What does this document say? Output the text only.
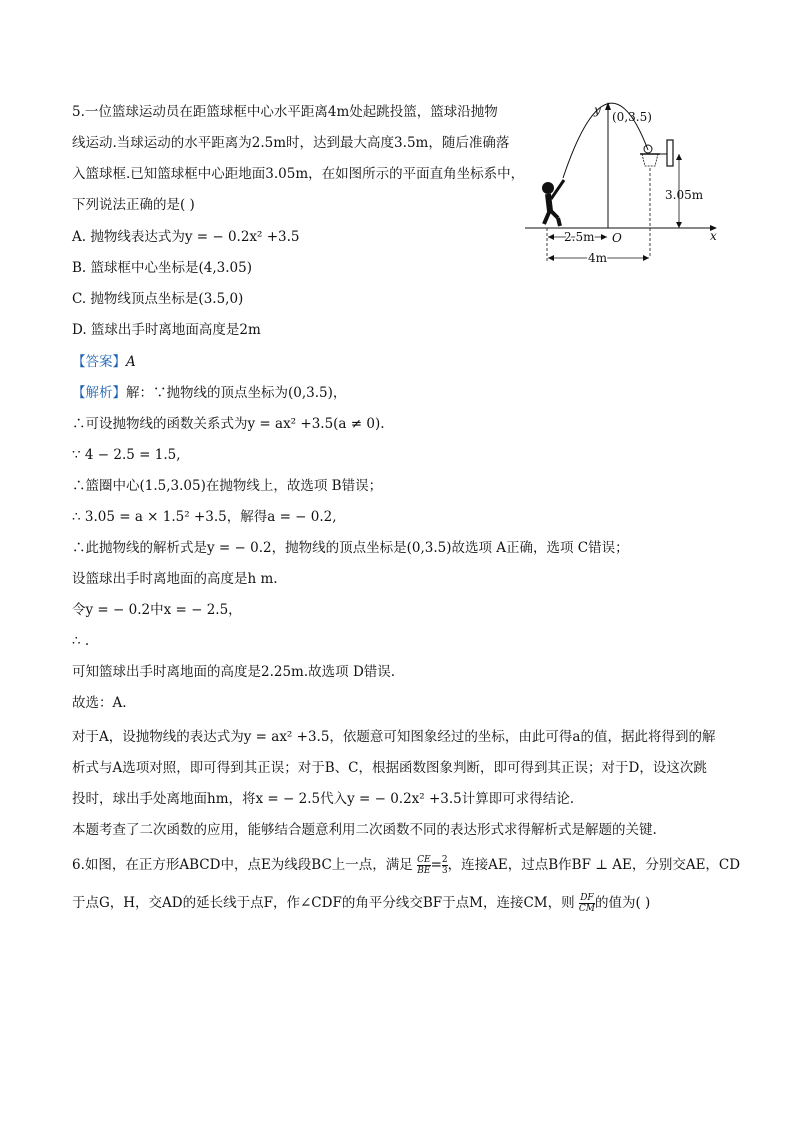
5.一位篮球运动员在距篮球框中心水平距离4m处起跳投篮，篮球沿抛物
线运动.当球运动的水平距离为2.5m时，达到最大高度3.5m，随后准确落
入篮球框.已知篮球框中心距地面3.05m，在如图所示的平面直角坐标系中，
下列说法正确的是( )
A. 抛物线表达式为y = − 0.2x² +3.5
B. 篮球框中心坐标是(4,3.05)
C. 抛物线顶点坐标是(3.5,0)
D. 篮球出手时离地面高度是2m
【答案】A
【解析】解：∵抛物线的顶点坐标为(0,3.5)，
∴可设抛物线的函数关系式为y = ax² +3.5(a ≠ 0).
∵ 4 − 2.5 = 1.5,
∴篮圈中心(1.5,3.05)在抛物线上，故选项 B错误；
∴ 3.05 = a × 1.5² +3.5，解得a = − 0.2,
∴此抛物线的解析式是y = − 0.2，抛物线的顶点坐标是(0,3.5)故选项 A正确，选项 C错误；
设篮球出手时离地面的高度是h m.
令y = − 0.2中x = − 2.5，
∴ .
可知篮球出手时离地面的高度是2.25m.故选项 D错误.
故选：A.
对于A，设抛物线的表达式为y = ax² +3.5，依题意可知图象经过的坐标，由此可得a的值，据此将得到的解
析式与A选项对照，即可得到其正误；对于B、C，根据函数图象判断，即可得到其正误；对于D，设这次跳
投时，球出手处离地面hm，将x = − 2.5代入y = − 0.2x² +3.5计算即可求得结论.
本题考查了二次函数的应用，能够结合题意利用二次函数不同的表达形式求得解析式是解题的关键.
6.如图，在正方形ABCD中，点E为线段BC上一点，满足 $\frac{CE}{BE} = \frac{2}{3}$ ，连接AE，过点B作BF ⊥ AE，分别交AE，CD
于点G，H，交AD的延长线于点F，作∠CDF的角平分线交BF于点M，连接CM，则 $\frac{DF}{CM}$ 的值为( )
x
y (0,3.5)
3.05m
2.5m O
4m
